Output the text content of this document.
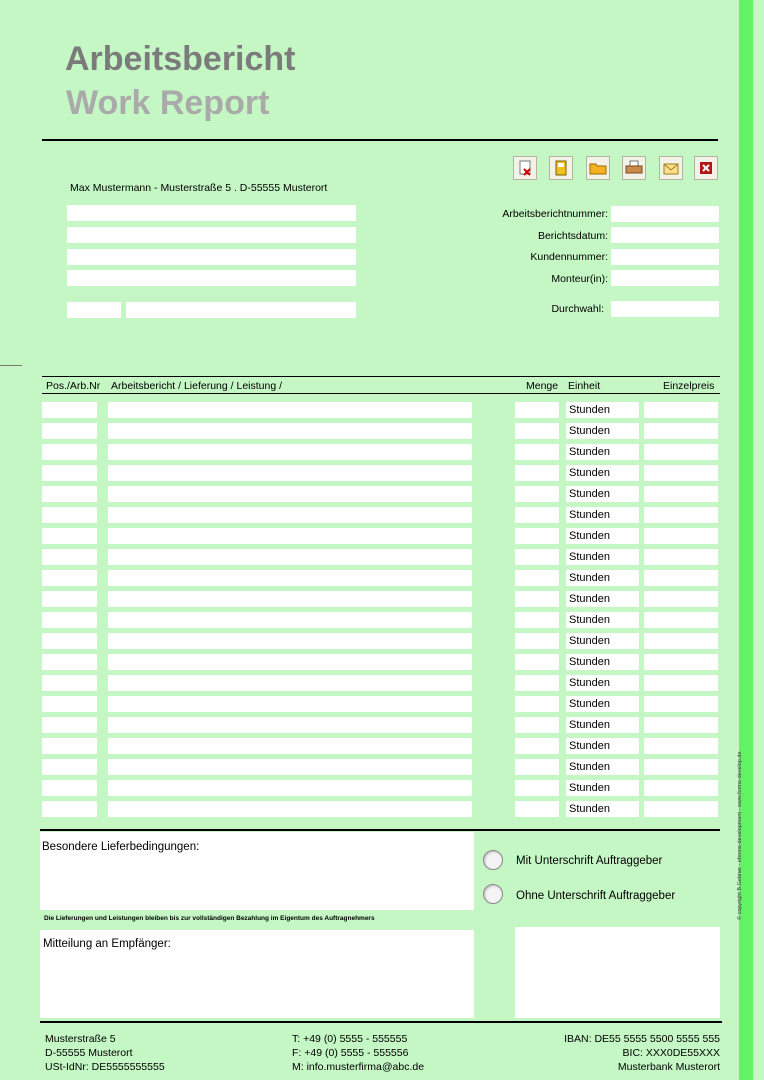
© copyright B.Gebner - eforms-development - www.forms-develop.de
Arbeitsbericht
Work Report
Max Mustermann - Musterstraße 5 . D-55555 Musterort
Arbeitsberichtnummer:
Berichtsdatum:
Kundennummer:
Monteur(in):
Durchwahl:
Pos./Arb.Nr Arbeitsbericht / Lieferung / Leistung /	Menge Einheit	Einzelpreis
Stunden
Stunden
Stunden
Stunden
Stunden
Stunden
Stunden
Stunden
Stunden
Stunden
Stunden
Stunden
Stunden
Stunden
Stunden
Stunden
Stunden
Stunden
Stunden
Stunden
Besondere Lieferbedingungen:
Die Lieferungen und Leistungen bleiben bis zur vollständigen Bezahlung im Eigentum des Auftragnehmers
Mitteilung an Empfänger:
Mit Unterschrift Auftraggeber
Ohne Unterschrift Auftraggeber
Musterstraße 5
D-55555 Musterort
USt-IdNr: DE5555555555
T: +49 (0) 5555 - 555555
F: +49 (0) 5555 - 555556
M: info.musterfirma@abc.de
IBAN: DE55 5555 5500 5555 555
BIC: XXX0DE55XXX
Musterbank Musterort
